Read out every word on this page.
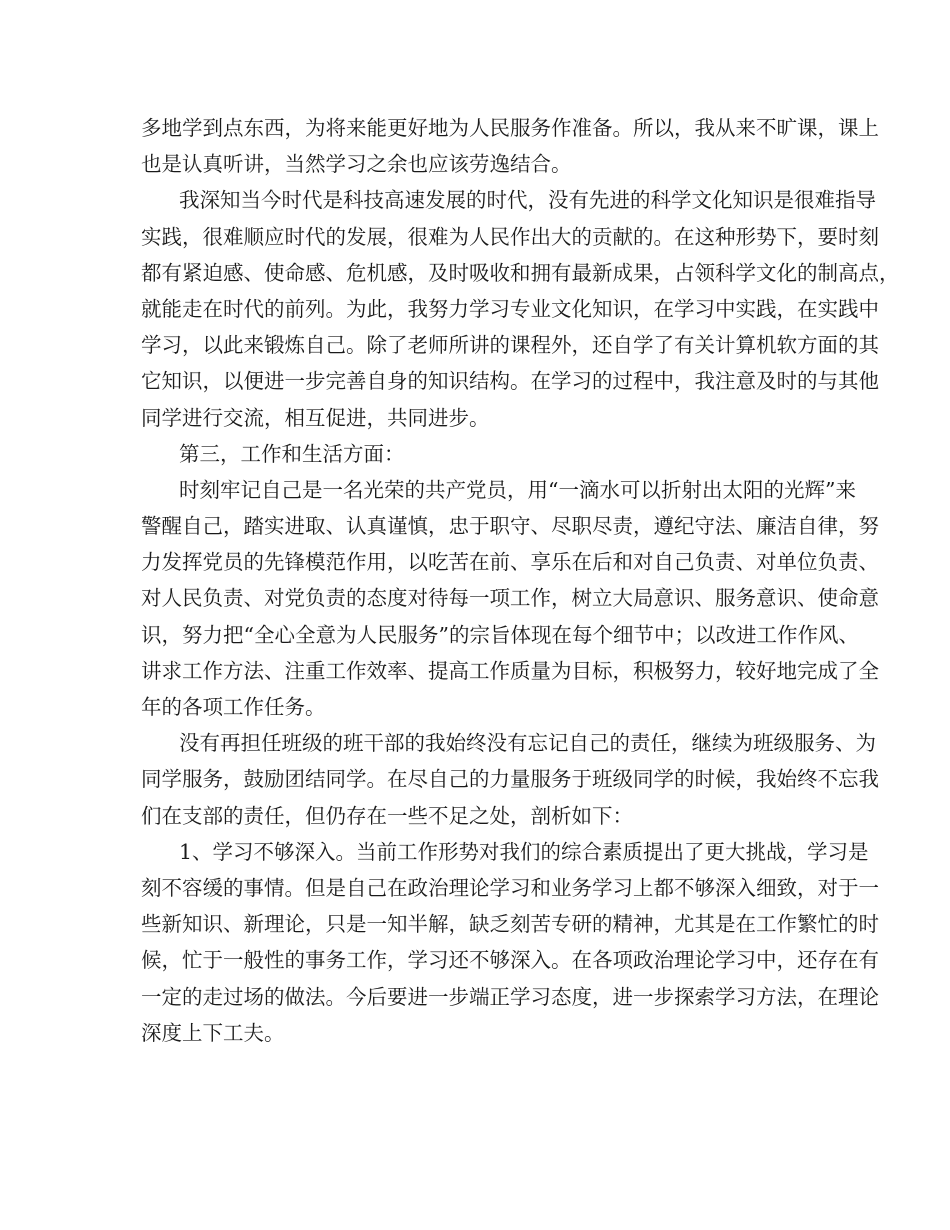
多地学到点东西，为将来能更好地为人民服务作准备。所以，我从来不旷课，课上

也是认真听讲，当然学习之余也应该劳逸结合。

我深知当今时代是科技高速发展的时代，没有先进的科学文化知识是很难指导

实践，很难顺应时代的发展，很难为人民作出大的贡献的。在这种形势下，要时刻

都有紧迫感、使命感、危机感，及时吸收和拥有最新成果，占领科学文化的制高点，

就能走在时代的前列。为此，我努力学习专业文化知识，在学习中实践，在实践中

学习，以此来锻炼自己。除了老师所讲的课程外，还自学了有关计算机软方面的其

它知识，以便进一步完善自身的知识结构。在学习的过程中，我注意及时的与其他

同学进行交流，相互促进，共同进步。

第三，工作和生活方面：

时刻牢记自己是一名光荣的共产党员，用“一滴水可以折射出太阳的光辉”来

警醒自己，踏实进取、认真谨慎，忠于职守、尽职尽责，遵纪守法、廉洁自律，努

力发挥党员的先锋模范作用，以吃苦在前、享乐在后和对自己负责、对单位负责、

对人民负责、对党负责的态度对待每一项工作，树立大局意识、服务意识、使命意

识，努力把“全心全意为人民服务”的宗旨体现在每个细节中；以改进工作作风、

讲求工作方法、注重工作效率、提高工作质量为目标，积极努力，较好地完成了全

年的各项工作任务。

没有再担任班级的班干部的我始终没有忘记自己的责任，继续为班级服务、为

同学服务，鼓励团结同学。在尽自己的力量服务于班级同学的时候，我始终不忘我

们在支部的责任，但仍存在一些不足之处，剖析如下：

1、学习不够深入。当前工作形势对我们的综合素质提出了更大挑战，学习是

刻不容缓的事情。但是自己在政治理论学习和业务学习上都不够深入细致，对于一

些新知识、新理论，只是一知半解，缺乏刻苦专研的精神，尤其是在工作繁忙的时

候，忙于一般性的事务工作，学习还不够深入。在各项政治理论学习中，还存在有

一定的走过场的做法。今后要进一步端正学习态度，进一步探索学习方法，在理论

深度上下工夫。
